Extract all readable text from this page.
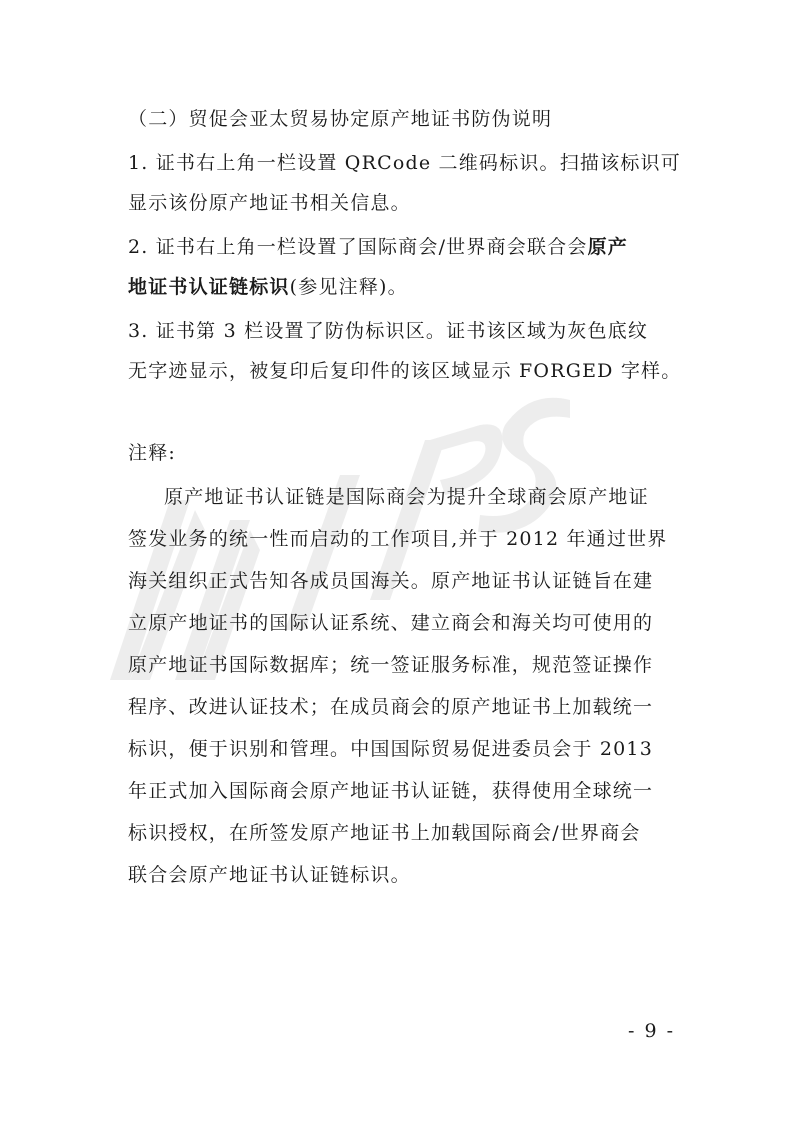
（二）贸促会亚太贸易协定原产地证书防伪说明
1. 证书右上角一栏设置 QRCode 二维码标识。扫描该标识可
显示该份原产地证书相关信息。
2. 证书右上角一栏设置了国际商会/世界商会联合会原产
地证书认证链标识(参见注释)。
3. 证书第 3 栏设置了防伪标识区。证书该区域为灰色底纹
无字迹显示，被复印后复印件的该区域显示 FORGED 字样。
注释:
原产地证书认证链是国际商会为提升全球商会原产地证
签发业务的统一性而启动的工作项目,并于 2012 年通过世界
海关组织正式告知各成员国海关。原产地证书认证链旨在建
立原产地证书的国际认证系统、建立商会和海关均可使用的
原产地证书国际数据库；统一签证服务标准，规范签证操作
程序、改进认证技术；在成员商会的原产地证书上加载统一
标识，便于识别和管理。中国国际贸易促进委员会于 2013
年正式加入国际商会原产地证书认证链，获得使用全球统一
标识授权，在所签发原产地证书上加载国际商会/世界商会
联合会原产地证书认证链标识。
- 9 -
